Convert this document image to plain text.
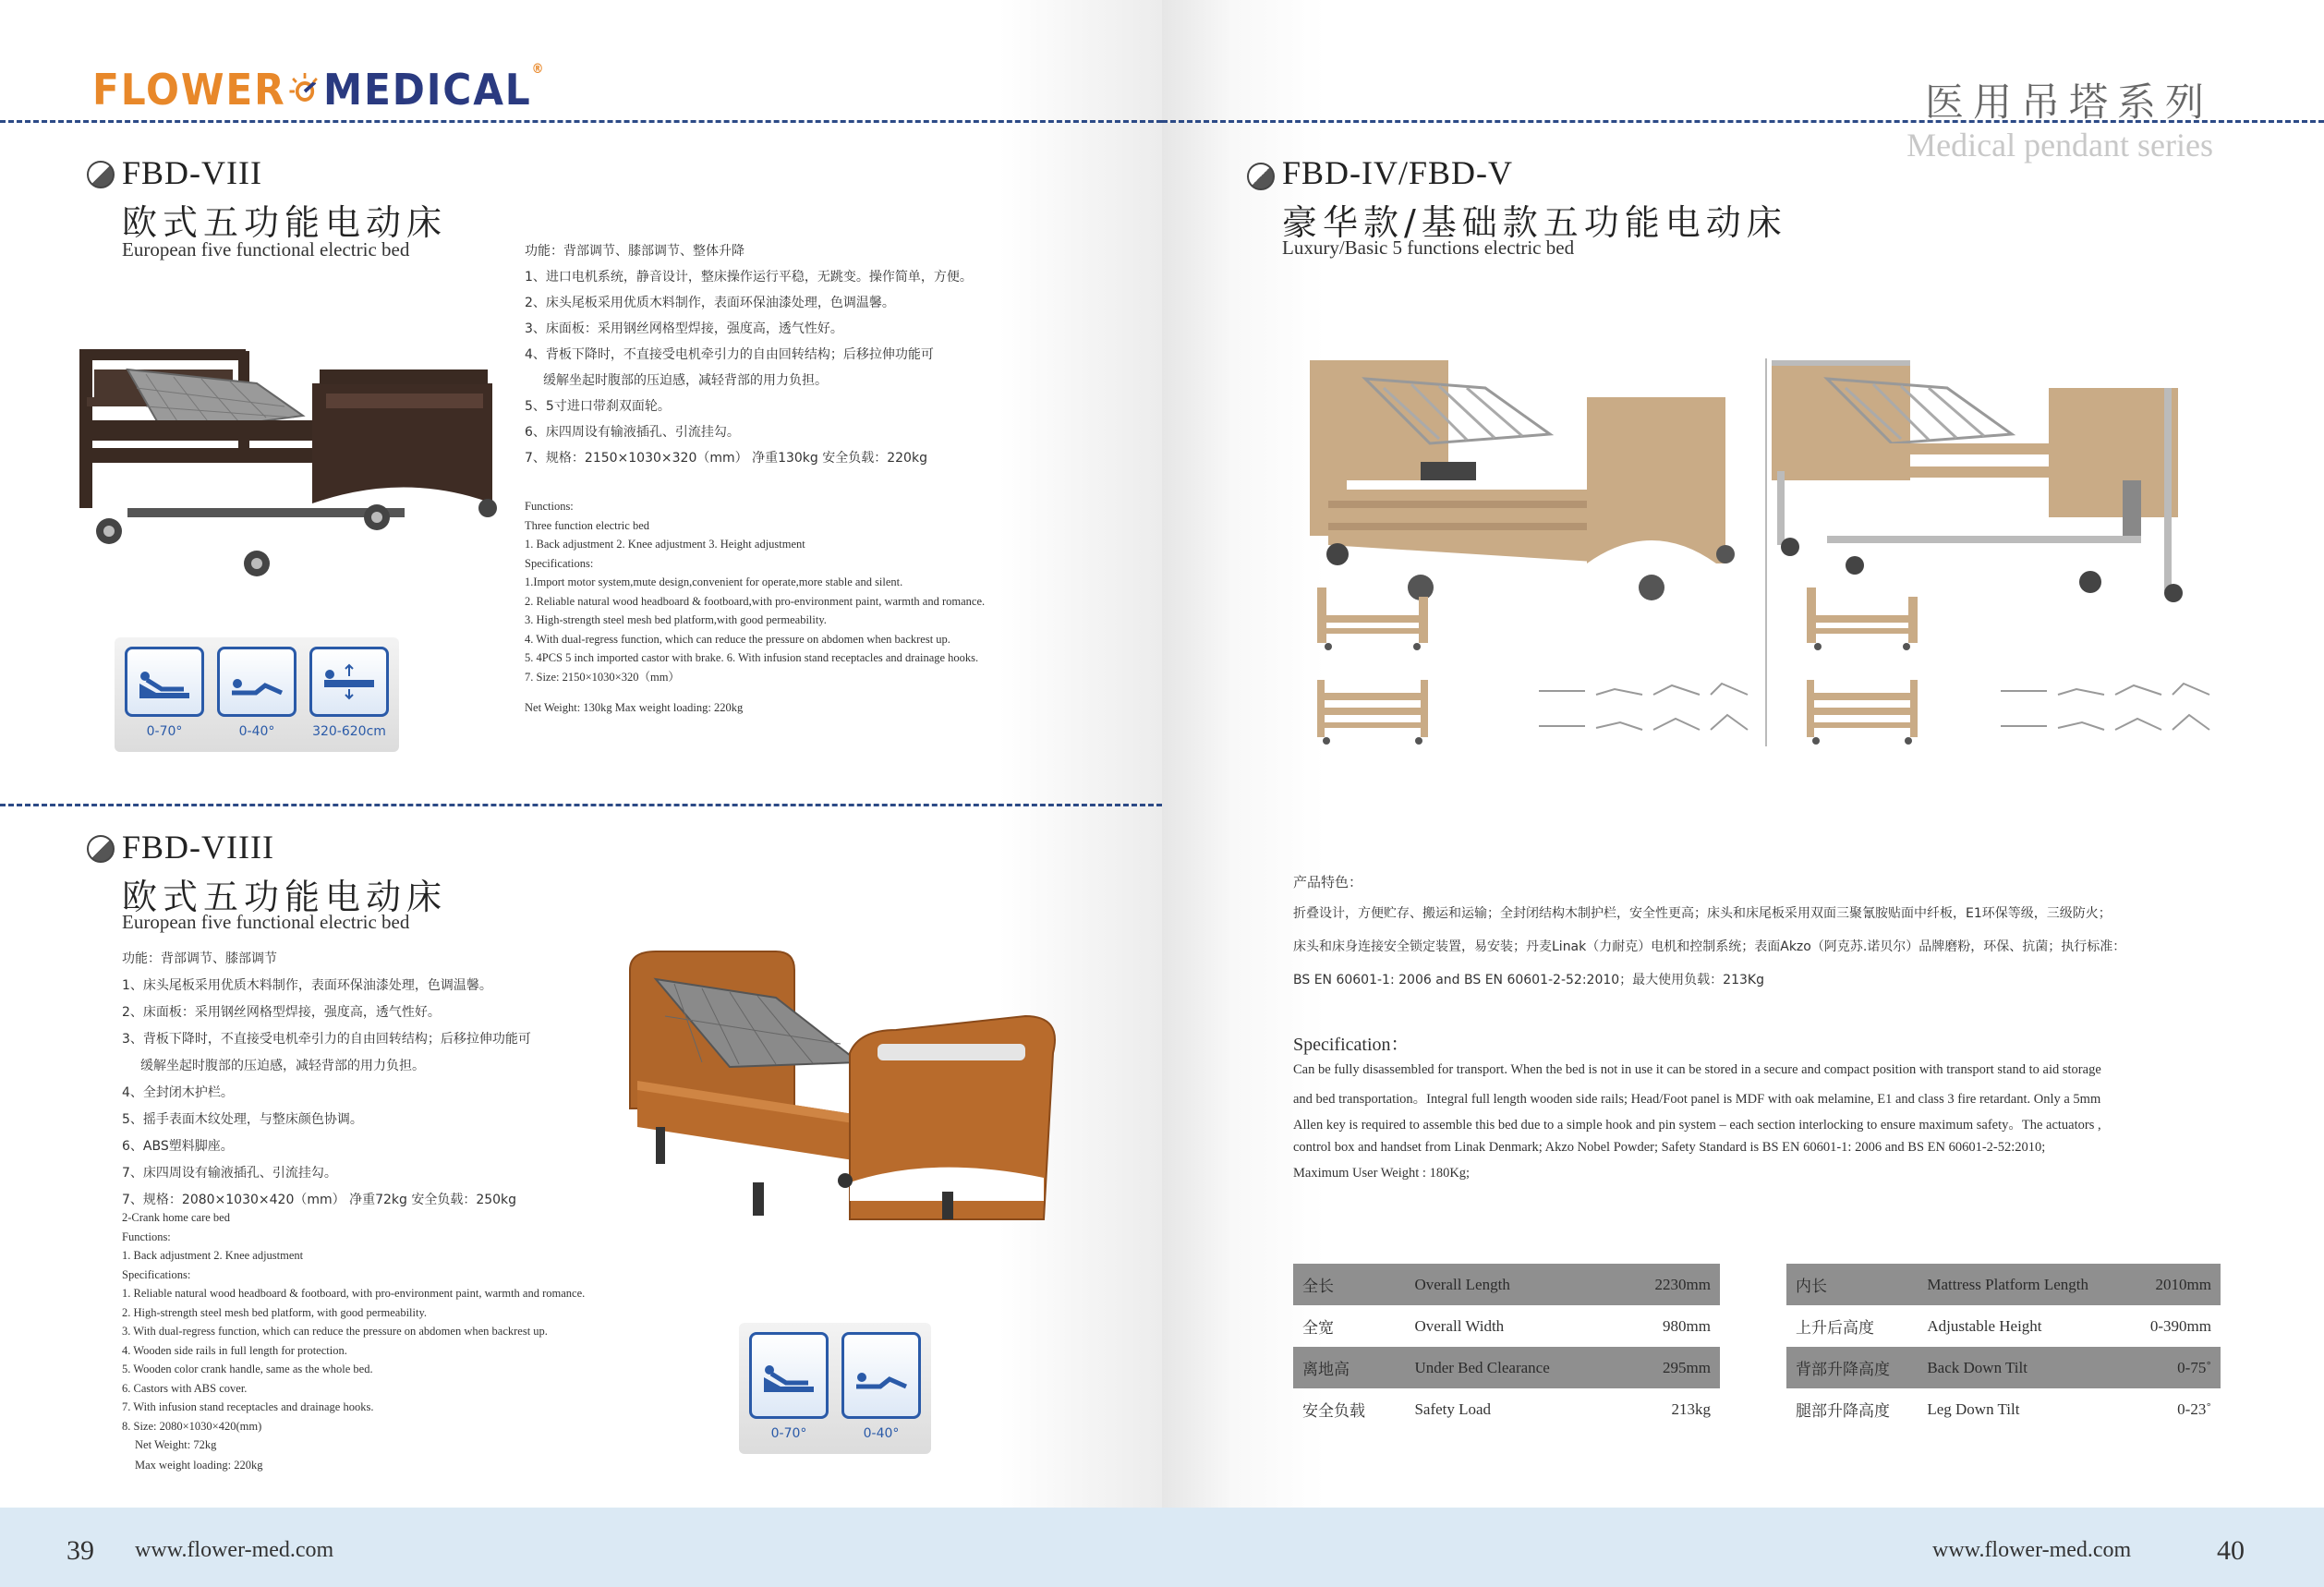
FLOWER MEDICAL®
FBD-VIII
欧式五功能电动床
European five functional electric bed
0-70°	0-40°	320-620cm
功能：背部调节、膝部调节、整体升降
1、进口电机系统，静音设计，整床操作运行平稳，无跳变。操作简单，方便。
2、床头尾板采用优质木料制作，表面环保油漆处理，色调温馨。
3、床面板：采用钢丝网格型焊接，强度高，透气性好。
4、背板下降时，不直接受电机牵引力的自由回转结构；后移拉伸功能可
缓解坐起时腹部的压迫感，减轻背部的用力负担。
5、5寸进口带刹双面轮。
6、床四周设有输液插孔、引流挂勾。
7、规格：2150×1030×320（mm） 净重130kg 安全负载：220kg
Functions:
Three function electric bed
1. Back adjustment 2. Knee adjustment 3. Height adjustment
Specifications:
1.Import motor system,mute design,convenient for operate,more stable and silent.
2. Reliable natural wood headboard & footboard,with pro-environment paint, warmth and romance.
3. High-strength steel mesh bed platform,with good permeability.
4. With dual-regress function, which can reduce the pressure on abdomen when backrest up.
5. 4PCS 5 inch imported castor with brake. 6. With infusion stand receptacles and drainage hooks.
7. Size: 2150×1030×320（mm）
Net Weight: 130kg Max weight loading: 220kg
FBD-VIIII
欧式五功能电动床
European five functional electric bed
功能：背部调节、膝部调节
1、床头尾板采用优质木料制作，表面环保油漆处理，色调温馨。
2、床面板：采用钢丝网格型焊接，强度高，透气性好。
3、背板下降时，不直接受电机牵引力的自由回转结构；后移拉伸功能可
缓解坐起时腹部的压迫感，减轻背部的用力负担。
4、全封闭木护栏。
5、摇手表面木纹处理，与整床颜色协调。
6、ABS塑料脚座。
7、床四周设有输液插孔、引流挂勾。
7、规格：2080×1030×420（mm） 净重72kg 安全负载：250kg
2-Crank home care bed
Functions:
1. Back adjustment 2. Knee adjustment
Specifications:
1. Reliable natural wood headboard & footboard, with pro-environment paint, warmth and romance.
2. High-strength steel mesh bed platform, with good permeability.
3. With dual-regress function, which can reduce the pressure on abdomen when backrest up.
4. Wooden side rails in full length for protection.
5. Wooden color crank handle, same as the whole bed.
6. Castors with ABS cover.
7. With infusion stand receptacles and drainage hooks.
8. Size: 2080×1030×420(mm)
Net Weight: 72kg
Max weight loading: 220kg
0-70°	0-40°
39 www.flower-med.com
医用吊塔系列
Medical pendant series
FBD-IV/FBD-V
豪华款/基础款五功能电动床
Luxury/Basic 5 functions electric bed
产品特色：
折叠设计，方便贮存、搬运和运输；全封闭结构木制护栏，安全性更高；床头和床尾板采用双面三聚氰胺贴面中纤板，E1环保等级，三级防火；
床头和床身连接安全锁定装置，易安装；丹麦Linak（力耐克）电机和控制系统；表面Akzo（阿克苏.诺贝尔）品牌磨粉，环保、抗菌；执行标准：
BS EN 60601-1: 2006 and BS EN 60601-2-52:2010；最大使用负载：213Kg
Specification：
Can be fully disassembled for transport. When the bed is not in use it can be stored in a secure and compact position with transport stand to aid storage
and bed transportation。Integral full length wooden side rails; Head/Foot panel is MDF with oak melamine, E1 and class 3 fire retardant. Only a 5mm
Allen key is required to assemble this bed due to a simple hook and pin system – each section interlocking to ensure maximum safety。The actuators ,
control box and handset from Linak Denmark; Akzo Nobel Powder; Safety Standard is BS EN 60601-1: 2006 and BS EN 60601-2-52:2010;
Maximum User Weight : 180Kg;
全长	Overall Length	2230mm
全宽	Overall Width	980mm
离地高	Under Bed Clearance	295mm
安全负载	Safety Load	213kg
内长	Mattress Platform Length	2010mm
上升后高度	Adjustable Height	0-390mm
背部升降高度	Back Down Tilt	0-75˚
腿部升降高度	Leg Down Tilt	0-23˚
www.flower-med.com	40
